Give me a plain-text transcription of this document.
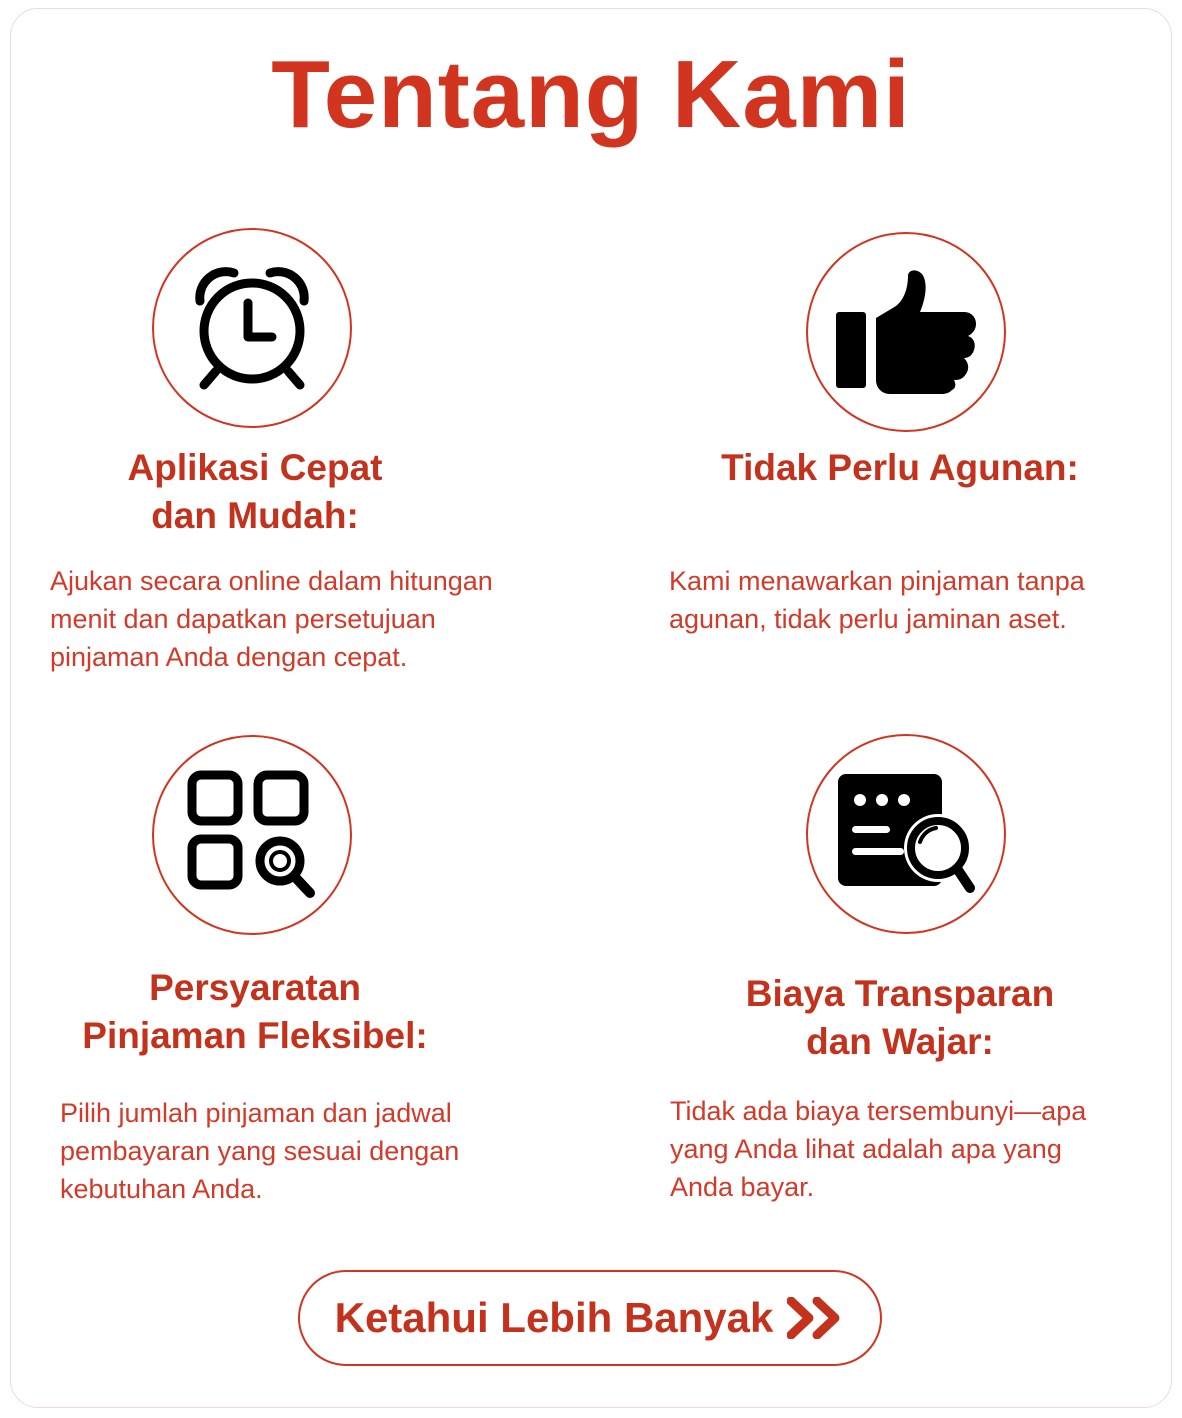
Tentang Kami

Aplikasi Cepat
dan Mudah:

Ajukan secara online dalam hitungan
menit dan dapatkan persetujuan
pinjaman Anda dengan cepat.

Tidak Perlu Agunan:

Kami menawarkan pinjaman tanpa
agunan, tidak perlu jaminan aset.

Persyaratan
Pinjaman Fleksibel:

Pilih jumlah pinjaman dan jadwal
pembayaran yang sesuai dengan
kebutuhan Anda.

Biaya Transparan
dan Wajar:

Tidak ada biaya tersembunyi—apa
yang Anda lihat adalah apa yang
Anda bayar.

Ketahui Lebih Banyak
